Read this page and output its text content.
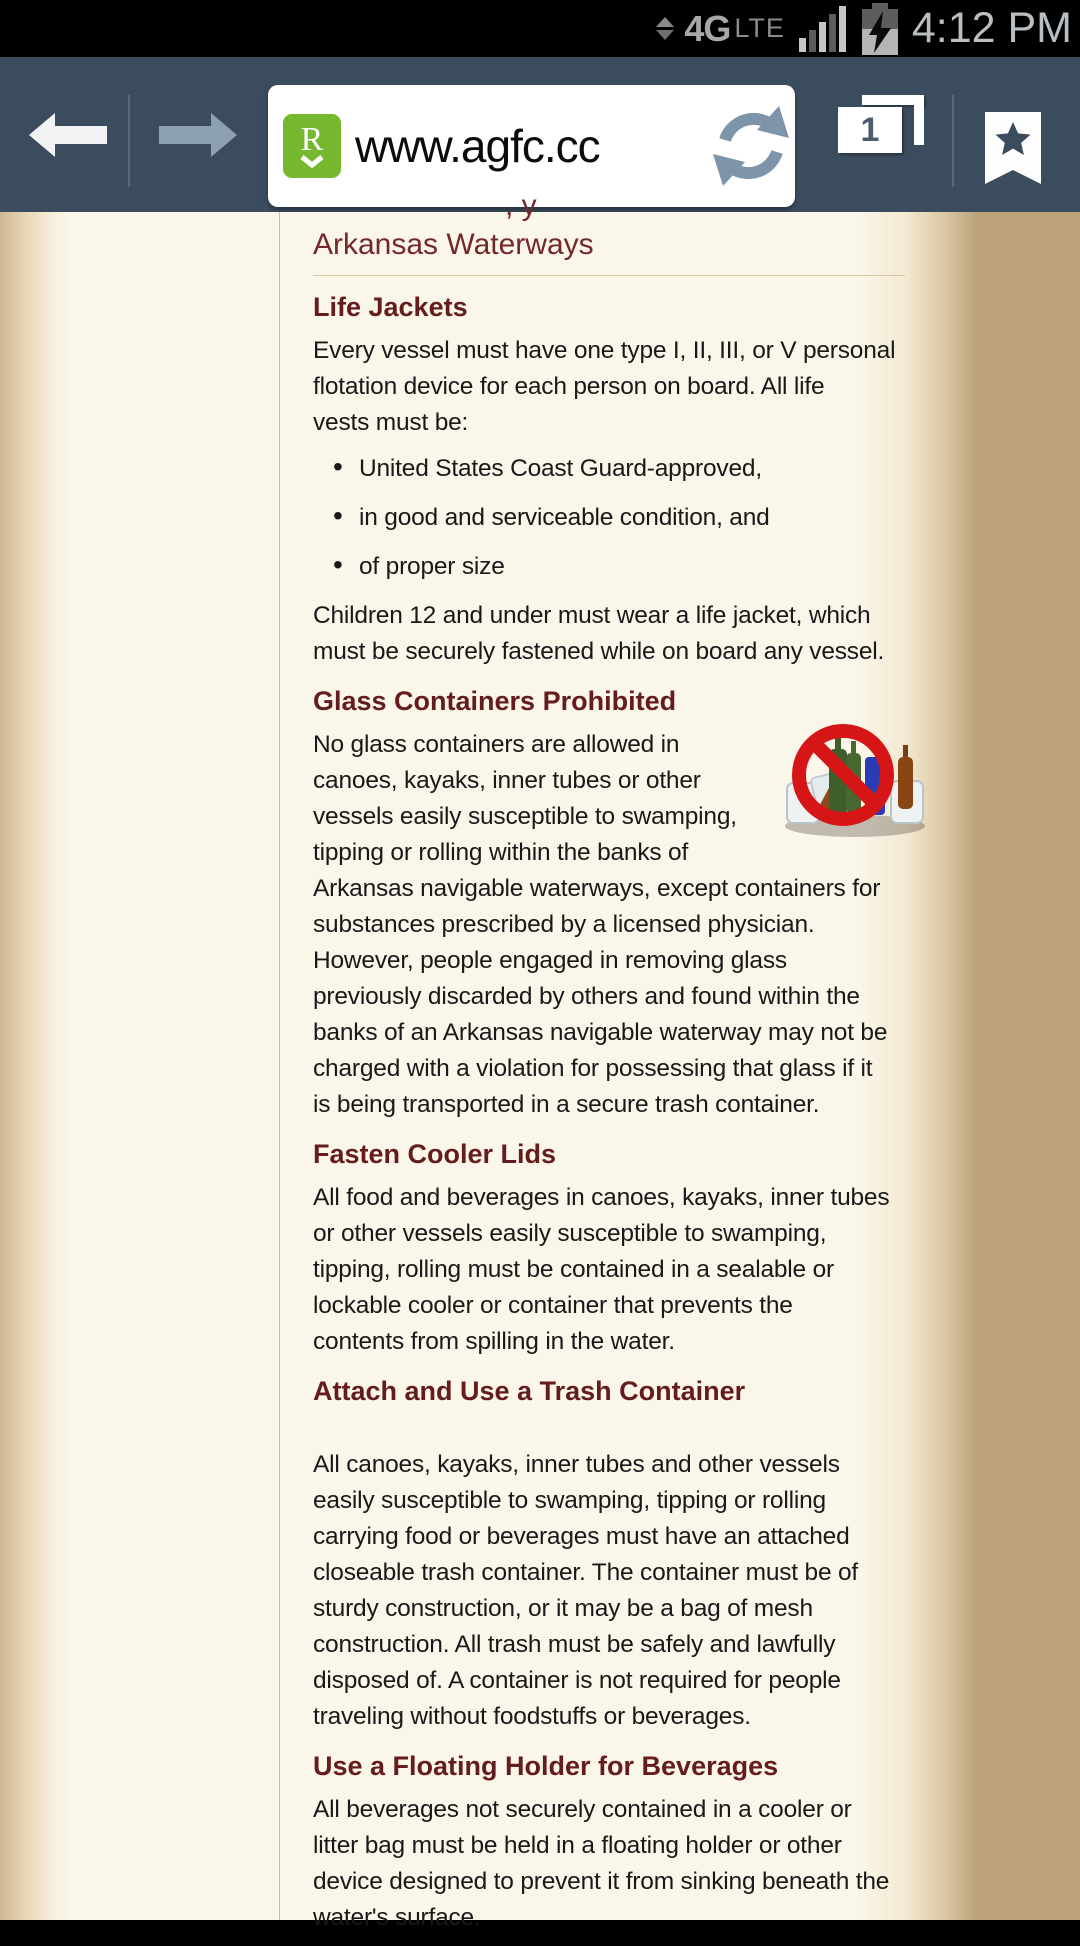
4G LTE	4:12 PM
R www.agfc.cc	1
, y
Arkansas Waterways
Life Jackets
Every vessel must have one type I, II, III, or V personal
flotation device for each person on board. All life
vests must be:
• United States Coast Guard-approved,
• in good and serviceable condition, and
• of proper size
Children 12 and under must wear a life jacket, which
must be securely fastened while on board any vessel.
Glass Containers Prohibited
No glass containers are allowed in
canoes, kayaks, inner tubes or other
vessels easily susceptible to swamping,
tipping or rolling within the banks of
Arkansas navigable waterways, except containers for
substances prescribed by a licensed physician.
However, people engaged in removing glass
previously discarded by others and found within the
banks of an Arkansas navigable waterway may not be
charged with a violation for possessing that glass if it
is being transported in a secure trash container.
Fasten Cooler Lids
All food and beverages in canoes, kayaks, inner tubes
or other vessels easily susceptible to swamping,
tipping, rolling must be contained in a sealable or
lockable cooler or container that prevents the
contents from spilling in the water.
Attach and Use a Trash Container
All canoes, kayaks, inner tubes and other vessels
easily susceptible to swamping, tipping or rolling
carrying food or beverages must have an attached
closeable trash container. The container must be of
sturdy construction, or it may be a bag of mesh
construction. All trash must be safely and lawfully
disposed of. A container is not required for people
traveling without foodstuffs or beverages.
Use a Floating Holder for Beverages
All beverages not securely contained in a cooler or
litter bag must be held in a floating holder or other
device designed to prevent it from sinking beneath the
water's surface.
